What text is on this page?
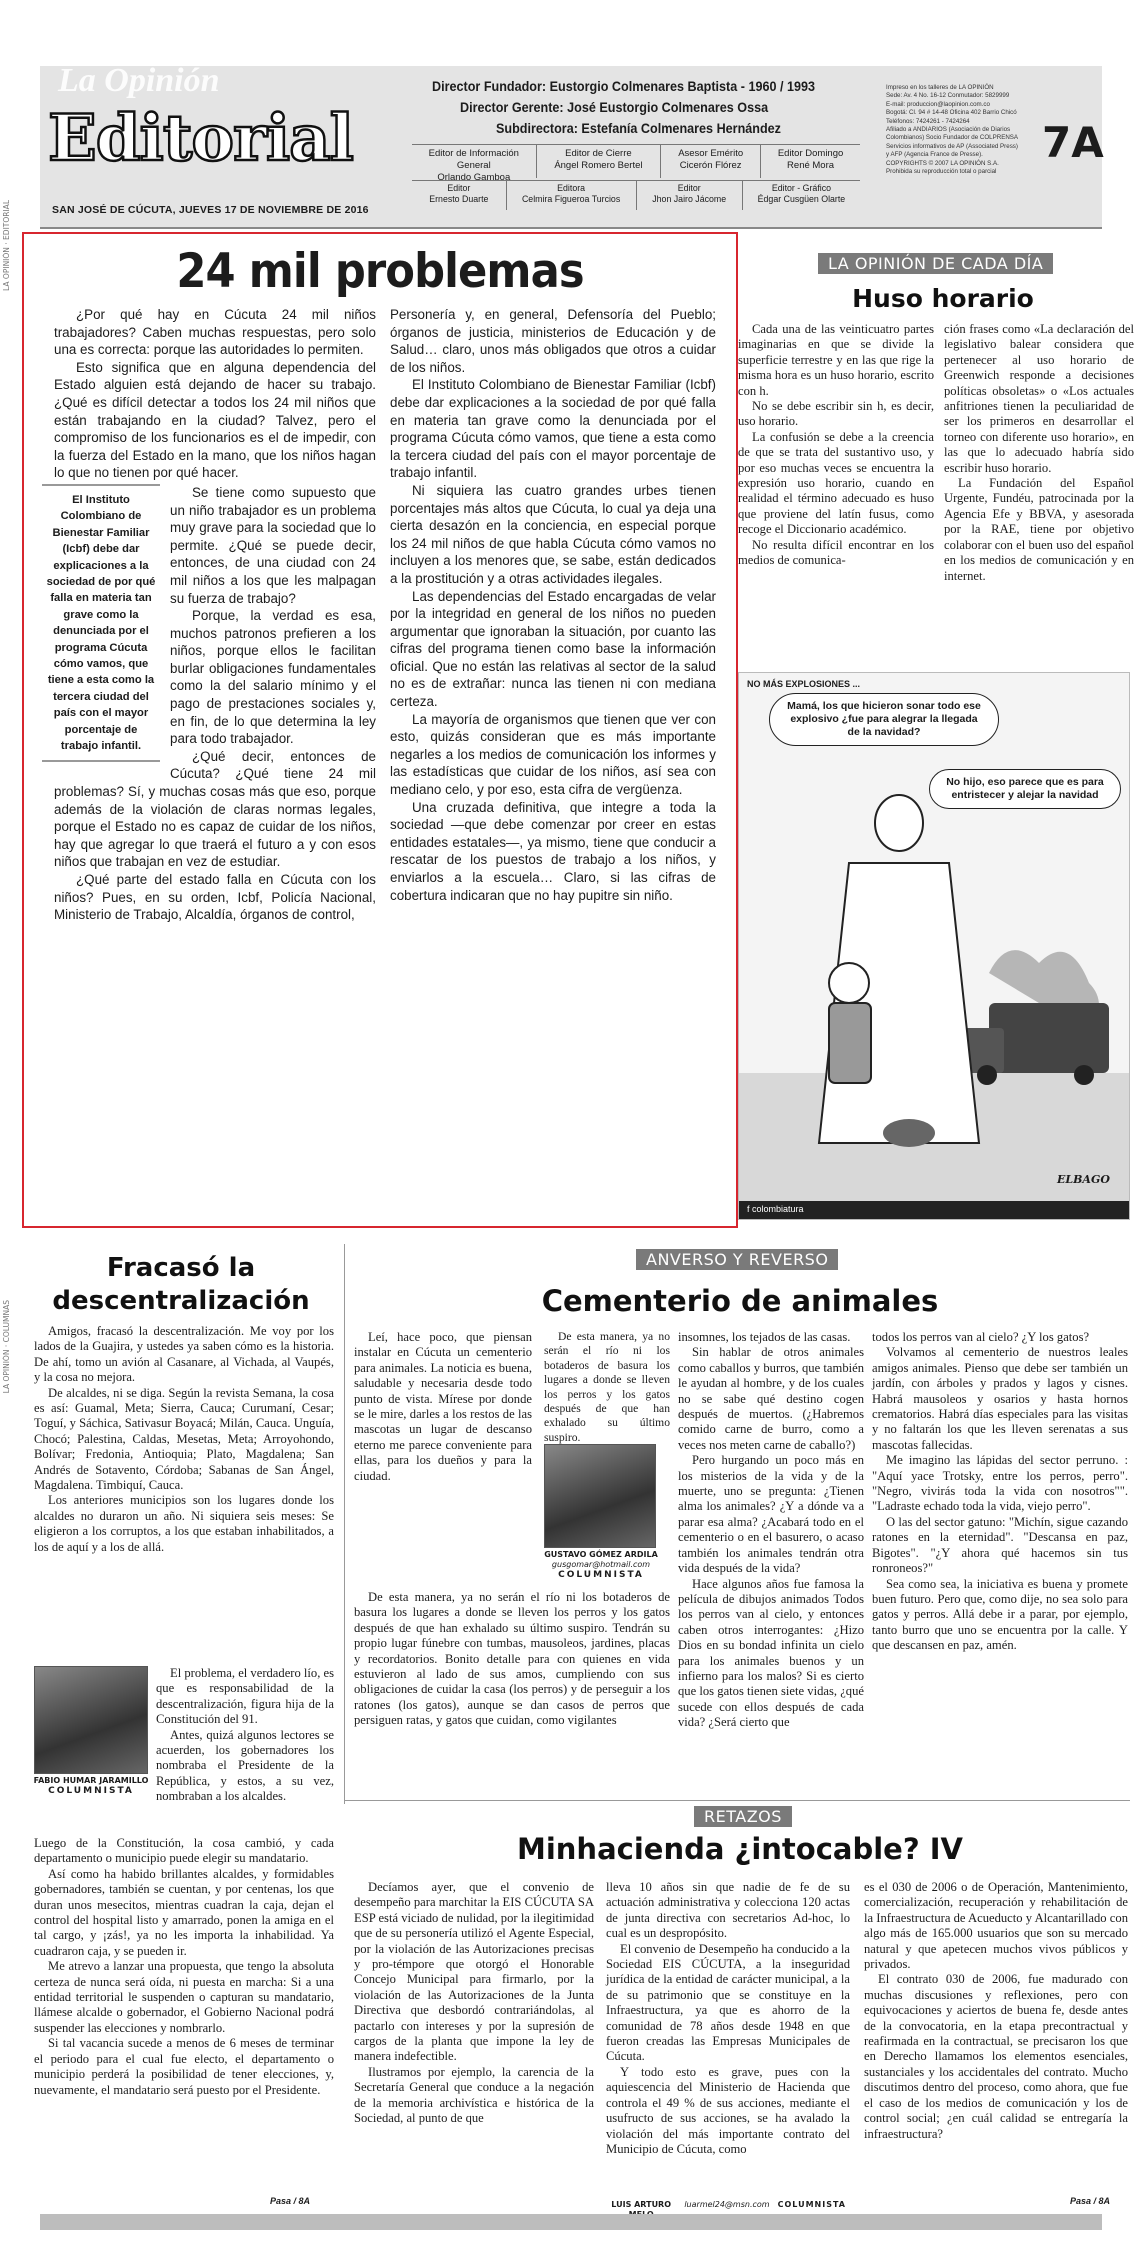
LA OPINIÓN · EDITORIAL
LA OPINIÓN · COLUMNAS
La Opinión
Editorial
SAN JOSÉ DE CÚCUTA, JUEVES 17 DE NOVIEMBRE DE 2016
Director Fundador: Eustorgio Colmenares Baptista - 1960 / 1993
Director Gerente: José Eustorgio Colmenares Ossa
Subdirectora: Estefanía Colmenares Hernández
Editor de Información General
Orlando Gamboa
Editor de Cierre
Ángel Romero Bertel
Asesor Emérito
Cicerón Flórez
Editor Domingo
René Mora
Editor
Ernesto Duarte
Editora
Celmira Figueroa Turcios
Editor
Jhon Jairo Jácome
Editor - Gráfico
Édgar Cusgüen Olarte
Impreso en los talleres de LA OPINIÓN
Sede: Av. 4 No. 16-12 Conmutador: 5829999
E-mail: produccion@laopinion.com.co
Bogotá: Cl. 94 # 14-48 Oficina 402 Barrio Chicó
Teléfonos: 7424261 - 7424264
Afiliado a ANDIARIOS (Asociación de Diarios
Colombianos) Socio Fundador de COLPRENSA
Servicios informativos de AP (Associated Press)
y AFP (Agencia France de Presse).
COPYRIGHTS © 2007 LA OPINIÓN S.A.
Prohibida su reproducción total o parcial
7A
24 mil problemas

¿Por qué hay en Cúcuta 24 mil niños trabajadores? Caben muchas respuestas, pero solo una es correcta: porque las autoridades lo permiten.

Esto significa que en alguna dependencia del Estado alguien está dejando de hacer su trabajo. ¿Qué es difícil detectar a todos los 24 mil niños que están trabajando en la ciudad? Talvez, pero el compromiso de los funcionarios es el de impedir, con la fuerza del Estado en la mano, que los niños hagan lo que no tienen por qué hacer.

El Instituto Colombiano de Bienestar Familiar (Icbf) debe dar explicaciones a la sociedad de por qué falla en materia tan grave como la denunciada por el programa Cúcuta cómo vamos, que tiene a esta como la tercera ciudad del país con el mayor porcentaje de trabajo infantil.

Se tiene como supuesto que un niño trabajador es un problema muy grave para la sociedad que lo permite. ¿Qué se puede decir, entonces, de una ciudad con 24 mil niños a los que les malpagan su fuerza de trabajo?

Porque, la verdad es esa, muchos patronos prefieren a los niños, porque ellos le facilitan burlar obligaciones fundamentales como la del salario mínimo y el pago de prestaciones sociales y, en fin, de lo que determina la ley para todo trabajador.

¿Qué decir, entonces de Cúcuta? ¿Qué tiene 24 mil problemas? Sí, y muchas cosas más que eso, porque además de la violación de claras normas legales, porque el Estado no es capaz de cuidar de los niños, hay que agregar lo que traerá el futuro a y con esos niños que trabajan en vez de estudiar.

¿Qué parte del estado falla en Cúcuta con los niños? Pues, en su orden, Icbf, Policía Nacional, Ministerio de Trabajo, Alcaldía, órganos de control,

Personería y, en general, Defensoría del Pueblo; órganos de justicia, ministerios de Educación y de Salud… claro, unos más obligados que otros a cuidar de los niños.

El Instituto Colombiano de Bienestar Familiar (Icbf) debe dar explicaciones a la sociedad de por qué falla en materia tan grave como la denunciada por el programa Cúcuta cómo vamos, que tiene a esta como la tercera ciudad del país con el mayor porcentaje de trabajo infantil.

Ni siquiera las cuatro grandes urbes tienen porcentajes más altos que Cúcuta, lo cual ya deja una cierta desazón en la conciencia, en especial porque los 24 mil niños de que habla Cúcuta cómo vamos no incluyen a los menores que, se sabe, están dedicados a la prostitución y a otras actividades ilegales.

Las dependencias del Estado encargadas de velar por la integridad en general de los niños no pueden argumentar que ignoraban la situación, por cuanto las cifras del programa tienen como base la información oficial. Que no están las relativas al sector de la salud no es de extrañar: nunca las tienen ni con mediana certeza.

La mayoría de organismos que tienen que ver con esto, quizás consideran que es más importante negarles a los medios de comunicación los informes y las estadísticas que cuidar de los niños, así sea con mediano celo, y por eso, esta cifra de vergüenza.

Una cruzada definitiva, que integre a toda la sociedad —que debe comenzar por creer en estas entidades estatales—, ya mismo, tiene que conducir a rescatar de los puestos de trabajo a los niños, y enviarlos a la escuela… Claro, si las cifras de cobertura indicaran que no hay pupitre sin niño.

LA OPINIÓN DE CADA DÍA
Huso horario

Cada una de las veinticuatro partes imaginarias en que se divide la superficie terrestre y en las que rige la misma hora es un huso horario, escrito con h.

No se debe escribir sin h, es decir, uso horario.

La confusión se debe a la creencia de que se trata del sustantivo uso, y por eso muchas veces se encuentra la expresión uso horario, cuando en realidad el término adecuado es huso que proviene del latín fusus, como recoge el Diccionario académico.

No resulta difícil encontrar en los medios de comunica-

ción frases como «La declaración del legislativo balear considera que pertenecer al uso horario de Greenwich responde a decisiones políticas obsoletas» o «Los actuales anfitriones tienen la peculiaridad de ser los primeros en desarrollar el torneo con diferente uso horario», en las que lo adecuado habría sido escribir huso horario.

La Fundación del Español Urgente, Fundéu, patrocinada por la Agencia Efe y BBVA, y asesorada por la RAE, tiene por objetivo colaborar con el buen uso del español en los medios de comunicación y en internet.

NO MÁS EXPLOSIONES ...
Mamá, los que hicieron sonar todo ese explosivo ¿fue para alegrar la llegada de la navidad?
No hijo, eso parece que es para entristecer y alejar la navidad
ELBAGO
f colombiatura
Fracasó la
descentralización

Amigos, fracasó la descentralización. Me voy por los lados de la Guajira, y ustedes ya saben cómo es la historia. De ahí, tomo un avión al Casanare, al Vichada, al Vaupés, y la cosa no mejora.

De alcaldes, ni se diga. Según la revista Semana, la cosa es así: Guamal, Meta; Sierra, Cauca; Curumaní, Cesar; Toguí, y Sáchica, Sativasur Boyacá; Milán, Cauca. Unguía, Chocó; Palestina, Caldas, Mesetas, Meta; Arroyohondo, Bolívar; Fredonia, Antioquia; Plato, Magdalena; San Andrés de Sotavento, Córdoba; Sabanas de San Ángel, Magdalena. Timbiquí, Cauca.

Los anteriores municipios son los lugares donde los alcaldes no duraron un año. Ni siquiera seis meses: Se eligieron a los corruptos, a los que estaban inhabilitados, a los de aquí y a los de allá.

FABIO HUMAR JARAMILLO
COLUMNISTA

El problema, el verdadero lío, es que es responsabilidad de la descentralización, figura hija de la Constitución del 91.

Antes, quizá algunos lectores se acuerden, los gobernadores los nombraba el Presidente de la República, y estos, a su vez, nombraban a los alcaldes.

Luego de la Constitución, la cosa cambió, y cada departamento o municipio puede elegir su mandatario.

Así como ha habido brillantes alcaldes, y formidables gobernadores, también se cuentan, y por centenas, los que duran unos mesecitos, mientras cuadran la caja, dejan el control del hospital listo y amarrado, ponen la amiga en el tal cargo, y ¡zás!, ya no les importa la inhabilidad. Ya cuadraron caja, y se pueden ir.

Me atrevo a lanzar una propuesta, que tengo la absoluta certeza de nunca será oída, ni puesta en marcha: Si a una entidad territorial le suspenden o capturan su mandatario, llámese alcalde o gobernador, el Gobierno Nacional podrá suspender las elecciones y nombrarlo.

Si tal vacancia sucede a menos de 6 meses de terminar el periodo para el cual fue electo, el departamento o municipio perderá la posibilidad de tener elecciones, y, nuevamente, el mandatario será puesto por el Presidente.

Pasa / 8A
ANVERSO Y REVERSO
Cementerio de animales

Leí, hace poco, que piensan instalar en Cúcuta un cementerio para animales. La noticia es buena, saludable y necesaria desde todo punto de vista. Mírese por donde se le mire, darles a los restos de las mascotas un lugar de descanso eterno me parece conveniente para ellas, para los dueños y para la ciudad.

GUSTAVO GÓMEZ ARDILA
gusgomar@hotmail.com
COLUMNISTA

De esta manera, ya no serán el río ni los botaderos de basura los lugares a donde se lleven los perros y los gatos después de que han exhalado su último suspiro. Tendrán su propio lugar fúnebre con tumbas, mausoleos, jardines, placas y recordatorios. Bonito detalle para con quienes en vida estuvieron al lado de sus amos, cumpliendo con sus obligaciones de cuidar la casa (los perros) y de perseguir a los ratones (los gatos), aunque se dan casos de perros que persiguen ratas, y gatos que cuidan, como vigilantes

De esta manera, ya no serán el río ni los botaderos de basura los lugares a donde se lleven los perros y los gatos después de que han exhalado su último suspiro.

insomnes, los tejados de las casas.

Sin hablar de otros animales como caballos y burros, que también le ayudan al hombre, y de los cuales no se sabe qué destino cogen después de muertos. (¿Habremos comido carne de burro, como a veces nos meten carne de caballo?)

Pero hurgando un poco más en los misterios de la vida y de la muerte, uno se pregunta: ¿Tienen alma los animales? ¿Y a dónde va a parar esa alma? ¿Acabará todo en el cementerio o en el basurero, o acaso también los animales tendrán otra vida después de la vida?

Hace algunos años fue famosa la película de dibujos animados Todos los perros van al cielo, y entonces caben otros interrogantes: ¿Hizo Dios en su bondad infinita un cielo para los animales buenos y un infierno para los malos? Si es cierto que los gatos tienen siete vidas, ¿qué sucede con ellos después de cada vida? ¿Será cierto que

todos los perros van al cielo? ¿Y los gatos?

Volvamos al cementerio de nuestros leales amigos animales. Pienso que debe ser también un jardín, con árboles y prados y lagos y cisnes. Habrá mausoleos y osarios y hasta hornos crematorios. Habrá días especiales para las visitas y no faltarán los que les lleven serenatas a sus mascotas fallecidas.

Me imagino las lápidas del sector perruno. : "Aquí yace Trotsky, entre los perros, perro". "Negro, vivirás toda la vida con nosotros"". "Ladraste echado toda la vida, viejo perro".

O las del sector gatuno: "Michín, sigue cazando ratones en la eternidad". "Descansa en paz, Bigotes". "¿Y ahora qué hacemos sin tus ronroneos?"

Sea como sea, la iniciativa es buena y promete buen futuro. Pero que, como dije, no sea solo para gatos y perros. Allá debe ir a parar, por ejemplo, tanto burro que uno se encuentra por la calle. Y que descansen en paz, amén.

RETAZOS
Minhacienda ¿intocable? IV

Decíamos ayer, que el convenio de desempeño para marchitar la EIS CÚCUTA SA ESP está viciado de nulidad, por la ilegitimidad que de su personería utilizó el Agente Especial, por la violación de las Autorizaciones precisas y pro-témpore que otorgó el Honorable Concejo Municipal para firmarlo, por la violación de las Autorizaciones de la Junta Directiva que desbordó contrariándolas, al pactarlo con intereses y por la supresión de cargos de la planta que impone la ley de manera indefectible.

Ilustramos por ejemplo, la carencia de la Secretaría General que conduce a la negación de la memoria archivística e histórica de la Sociedad, al punto de que

lleva 10 años sin que nadie de fe de su actuación administrativa y colecciona 120 actas de junta directiva con secretarios Ad-hoc, lo cual es un despropósito.

El convenio de Desempeño ha conducido a la Sociedad EIS CÚCUTA, a la inseguridad jurídica de la entidad de carácter municipal, a la de su patrimonio que se constituye en la Infraestructura, ya que es ahorro de la comunidad de 78 años desde 1948 en que fueron creadas las Empresas Municipales de Cúcuta.

Y todo esto es grave, pues con la aquiescencia del Ministerio de Hacienda que controla el 49 % de sus acciones, mediante el usufructo de sus acciones, se ha avalado la violación del más importante contrato del Municipio de Cúcuta, como

es el 030 de 2006 o de Operación, Mantenimiento, comercialización, recuperación y rehabilitación de la Infraestructura de Acueducto y Alcantarillado con algo más de 165.000 usuarios que son su mercado natural y que apetecen muchos vivos públicos y privados.

El contrato 030 de 2006, fue madurado con muchas discusiones y reflexiones, pero con equivocaciones y aciertos de buena fe, desde antes de la convocatoria, en la etapa precontractual y reafirmada en la contractual, se precisaron los que en Derecho llamamos los elementos esenciales, sustanciales y los accidentales del contrato. Mucho discutimos dentro del proceso, como ahora, que fue el caso de los medios de comunicación y los de control social; ¿en cuál calidad se entregaría la infraestructura?

LUIS ARTURO	luarmel24@msn.com COLUMNISTA	Pasa / 8A
